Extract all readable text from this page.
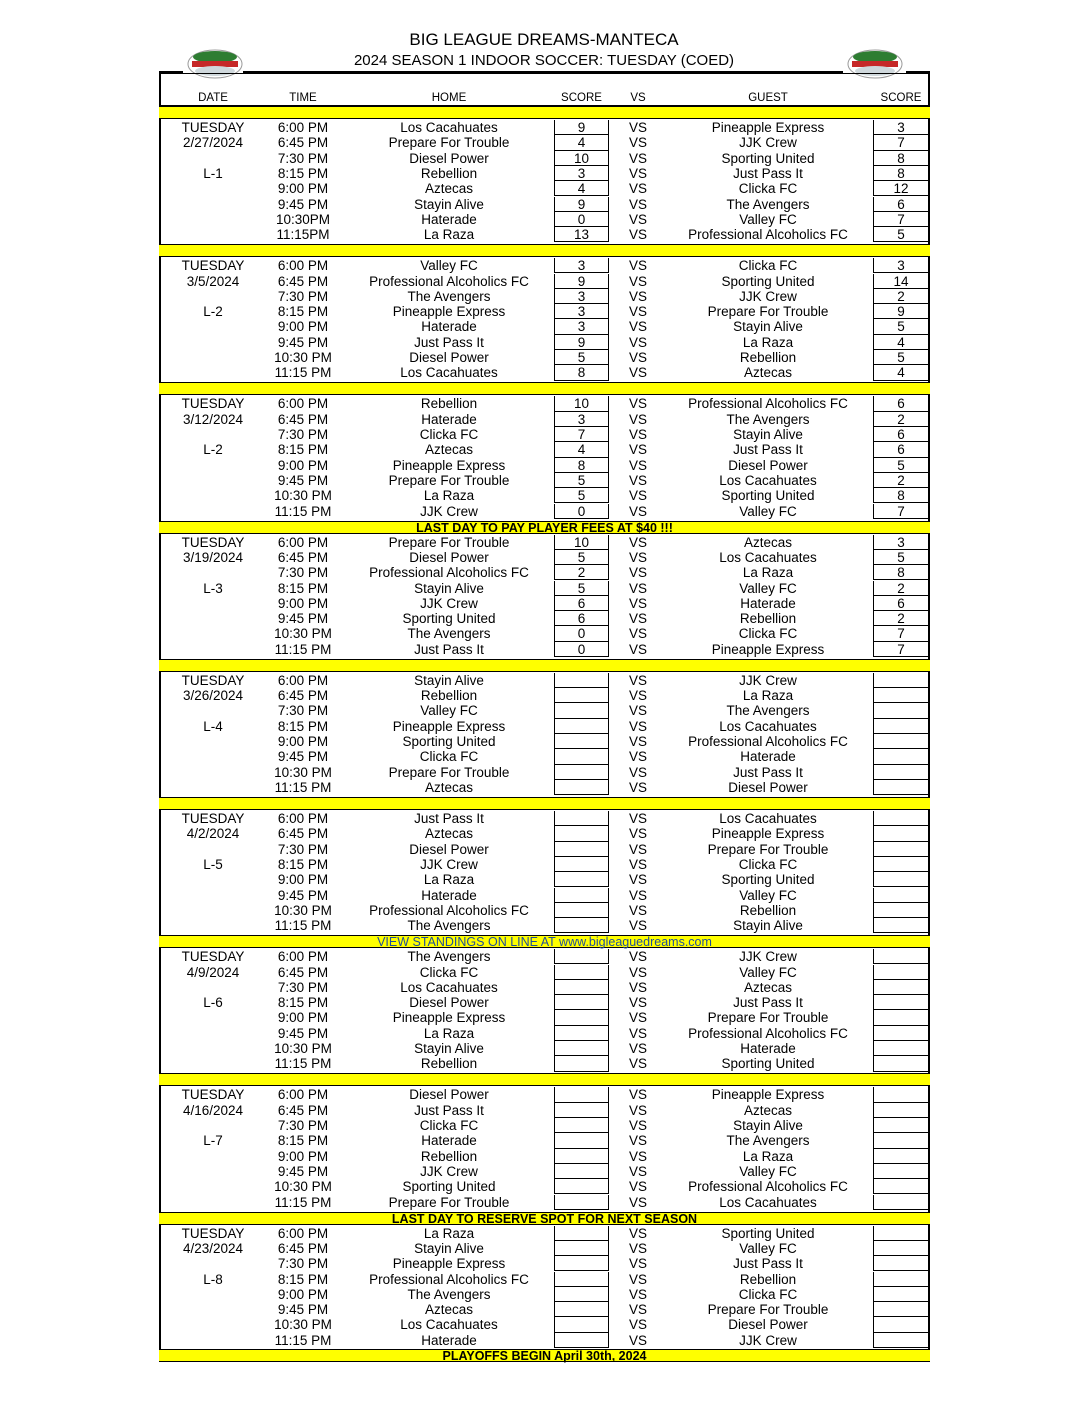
BIG LEAGUE DREAMS-MANTECA
2024 SEASON 1 INDOOR SOCCER: TUESDAY (COED)
DATE	TIME	HOME	SCORE	VS	GUEST	SCORE
TUESDAY	6:00 PM	Los Cacahuates	9	VS	Pineapple Express	3
2/27/2024	6:45 PM	Prepare For Trouble	4	VS	JJK Crew	7
7:30 PM	Diesel Power	10	VS	Sporting United	8
L-1	8:15 PM	Rebellion	3	VS	Just Pass It	8
9:00 PM	Aztecas	4	VS	Clicka FC	12
9:45 PM	Stayin Alive	9	VS	The Avengers	6
10:30PM	Haterade	0	VS	Valley FC	7
11:15PM	La Raza	13	VS	Professional Alcoholics FC	5
TUESDAY	6:00 PM	Valley FC	3	VS	Clicka FC	3
3/5/2024	6:45 PM	Professional Alcoholics FC	9	VS	Sporting United	14
7:30 PM	The Avengers	3	VS	JJK Crew	2
L-2	8:15 PM	Pineapple Express	3	VS	Prepare For Trouble	9
9:00 PM	Haterade	3	VS	Stayin Alive	5
9:45 PM	Just Pass It	9	VS	La Raza	4
10:30 PM	Diesel Power	5	VS	Rebellion	5
11:15 PM	Los Cacahuates	8	VS	Aztecas	4
TUESDAY	6:00 PM	Rebellion	10	VS	Professional Alcoholics FC	6
3/12/2024	6:45 PM	Haterade	3	VS	The Avengers	2
7:30 PM	Clicka FC	7	VS	Stayin Alive	6
L-2	8:15 PM	Aztecas	4	VS	Just Pass It	6
9:00 PM	Pineapple Express	8	VS	Diesel Power	5
9:45 PM	Prepare For Trouble	5	VS	Los Cacahuates	2
10:30 PM	La Raza	5	VS	Sporting United	8
11:15 PM	JJK Crew	0	VS	Valley FC	7
LAST DAY TO PAY PLAYER FEES AT $40 !!!
TUESDAY	6:00 PM	Prepare For Trouble	10	VS	Aztecas	3
3/19/2024	6:45 PM	Diesel Power	5	VS	Los Cacahuates	5
7:30 PM	Professional Alcoholics FC	2	VS	La Raza	8
L-3	8:15 PM	Stayin Alive	5	VS	Valley FC	2
9:00 PM	JJK Crew	6	VS	Haterade	6
9:45 PM	Sporting United	6	VS	Rebellion	2
10:30 PM	The Avengers	0	VS	Clicka FC	7
11:15 PM	Just Pass It	0	VS	Pineapple Express	7
TUESDAY	6:00 PM	Stayin Alive	VS	JJK Crew
3/26/2024	6:45 PM	Rebellion	VS	La Raza
7:30 PM	Valley FC	VS	The Avengers
L-4	8:15 PM	Pineapple Express	VS	Los Cacahuates
9:00 PM	Sporting United	VS	Professional Alcoholics FC
9:45 PM	Clicka FC	VS	Haterade
10:30 PM	Prepare For Trouble	VS	Just Pass It
11:15 PM	Aztecas	VS	Diesel Power
TUESDAY	6:00 PM	Just Pass It	VS	Los Cacahuates
4/2/2024	6:45 PM	Aztecas	VS	Pineapple Express
7:30 PM	Diesel Power	VS	Prepare For Trouble
L-5	8:15 PM	JJK Crew	VS	Clicka FC
9:00 PM	La Raza	VS	Sporting United
9:45 PM	Haterade	VS	Valley FC
10:30 PM	Professional Alcoholics FC	VS	Rebellion
11:15 PM	The Avengers	VS	Stayin Alive
VIEW STANDINGS ON LINE AT www.bigleaguedreams.com
TUESDAY	6:00 PM	The Avengers	VS	JJK Crew
4/9/2024	6:45 PM	Clicka FC	VS	Valley FC
7:30 PM	Los Cacahuates	VS	Aztecas
L-6	8:15 PM	Diesel Power	VS	Just Pass It
9:00 PM	Pineapple Express	VS	Prepare For Trouble
9:45 PM	La Raza	VS	Professional Alcoholics FC
10:30 PM	Stayin Alive	VS	Haterade
11:15 PM	Rebellion	VS	Sporting United
TUESDAY	6:00 PM	Diesel Power	VS	Pineapple Express
4/16/2024	6:45 PM	Just Pass It	VS	Aztecas
7:30 PM	Clicka FC	VS	Stayin Alive
L-7	8:15 PM	Haterade	VS	The Avengers
9:00 PM	Rebellion	VS	La Raza
9:45 PM	JJK Crew	VS	Valley FC
10:30 PM	Sporting United	VS	Professional Alcoholics FC
11:15 PM	Prepare For Trouble	VS	Los Cacahuates
LAST DAY TO RESERVE SPOT FOR NEXT SEASON
TUESDAY	6:00 PM	La Raza	VS	Sporting United
4/23/2024	6:45 PM	Stayin Alive	VS	Valley FC
7:30 PM	Pineapple Express	VS	Just Pass It
L-8	8:15 PM	Professional Alcoholics FC	VS	Rebellion
9:00 PM	The Avengers	VS	Clicka FC
9:45 PM	Aztecas	VS	Prepare For Trouble
10:30 PM	Los Cacahuates	VS	Diesel Power
11:15 PM	Haterade	VS	JJK Crew
PLAYOFFS BEGIN April 30th, 2024
